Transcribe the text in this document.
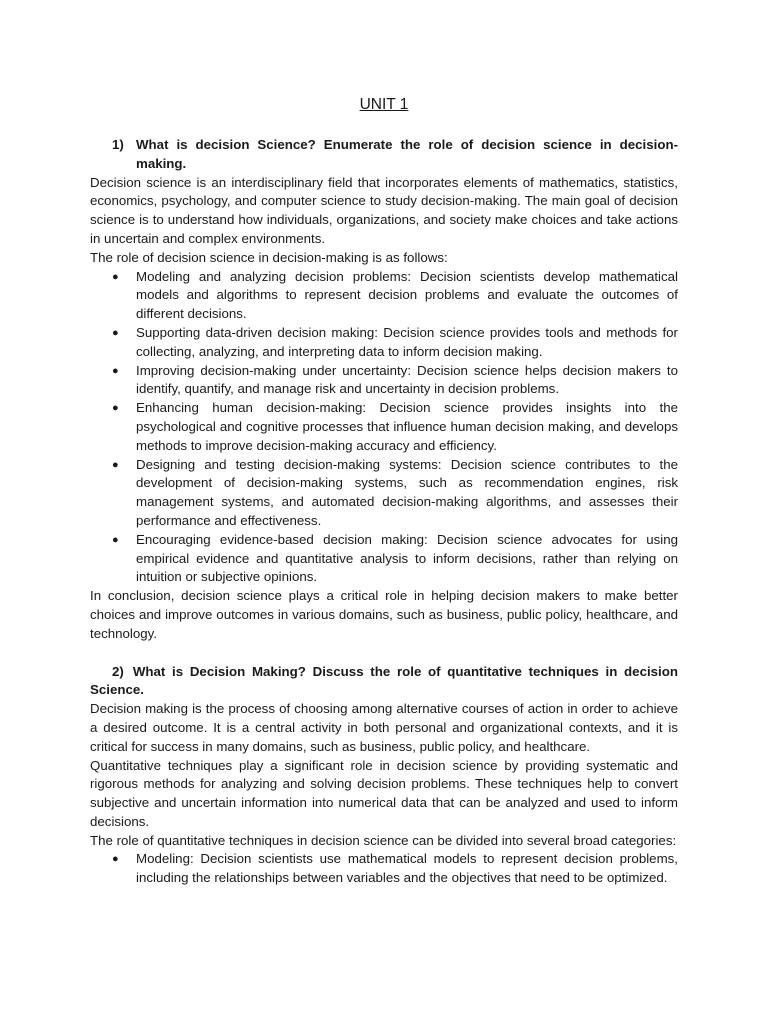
UNIT 1
1) What is decision Science? Enumerate the role of decision science in decision-making.

Decision science is an interdisciplinary field that incorporates elements of mathematics, statistics, economics, psychology, and computer science to study decision-making. The main goal of decision science is to understand how individuals, organizations, and society make choices and take actions in uncertain and complex environments.

The role of decision science in decision-making is as follows:

● Modeling and analyzing decision problems: Decision scientists develop mathematical models and algorithms to represent decision problems and evaluate the outcomes of different decisions.
● Supporting data-driven decision making: Decision science provides tools and methods for collecting, analyzing, and interpreting data to inform decision making.
● Improving decision-making under uncertainty: Decision science helps decision makers to identify, quantify, and manage risk and uncertainty in decision problems.
● Enhancing human decision-making: Decision science provides insights into the psychological and cognitive processes that influence human decision making, and develops methods to improve decision-making accuracy and efficiency.
● Designing and testing decision-making systems: Decision science contributes to the development of decision-making systems, such as recommendation engines, risk management systems, and automated decision-making algorithms, and assesses their performance and effectiveness.
● Encouraging evidence-based decision making: Decision science advocates for using empirical evidence and quantitative analysis to inform decisions, rather than relying on intuition or subjective opinions.

In conclusion, decision science plays a critical role in helping decision makers to make better choices and improve outcomes in various domains, such as business, public policy, healthcare, and technology.

2) What is Decision Making? Discuss the role of quantitative techniques in decision Science.

Decision making is the process of choosing among alternative courses of action in order to achieve a desired outcome. It is a central activity in both personal and organizational contexts, and it is critical for success in many domains, such as business, public policy, and healthcare.

Quantitative techniques play a significant role in decision science by providing systematic and rigorous methods for analyzing and solving decision problems. These techniques help to convert subjective and uncertain information into numerical data that can be analyzed and used to inform decisions.

The role of quantitative techniques in decision science can be divided into several broad categories:

● Modeling: Decision scientists use mathematical models to represent decision problems, including the relationships between variables and the objectives that need to be optimized.
